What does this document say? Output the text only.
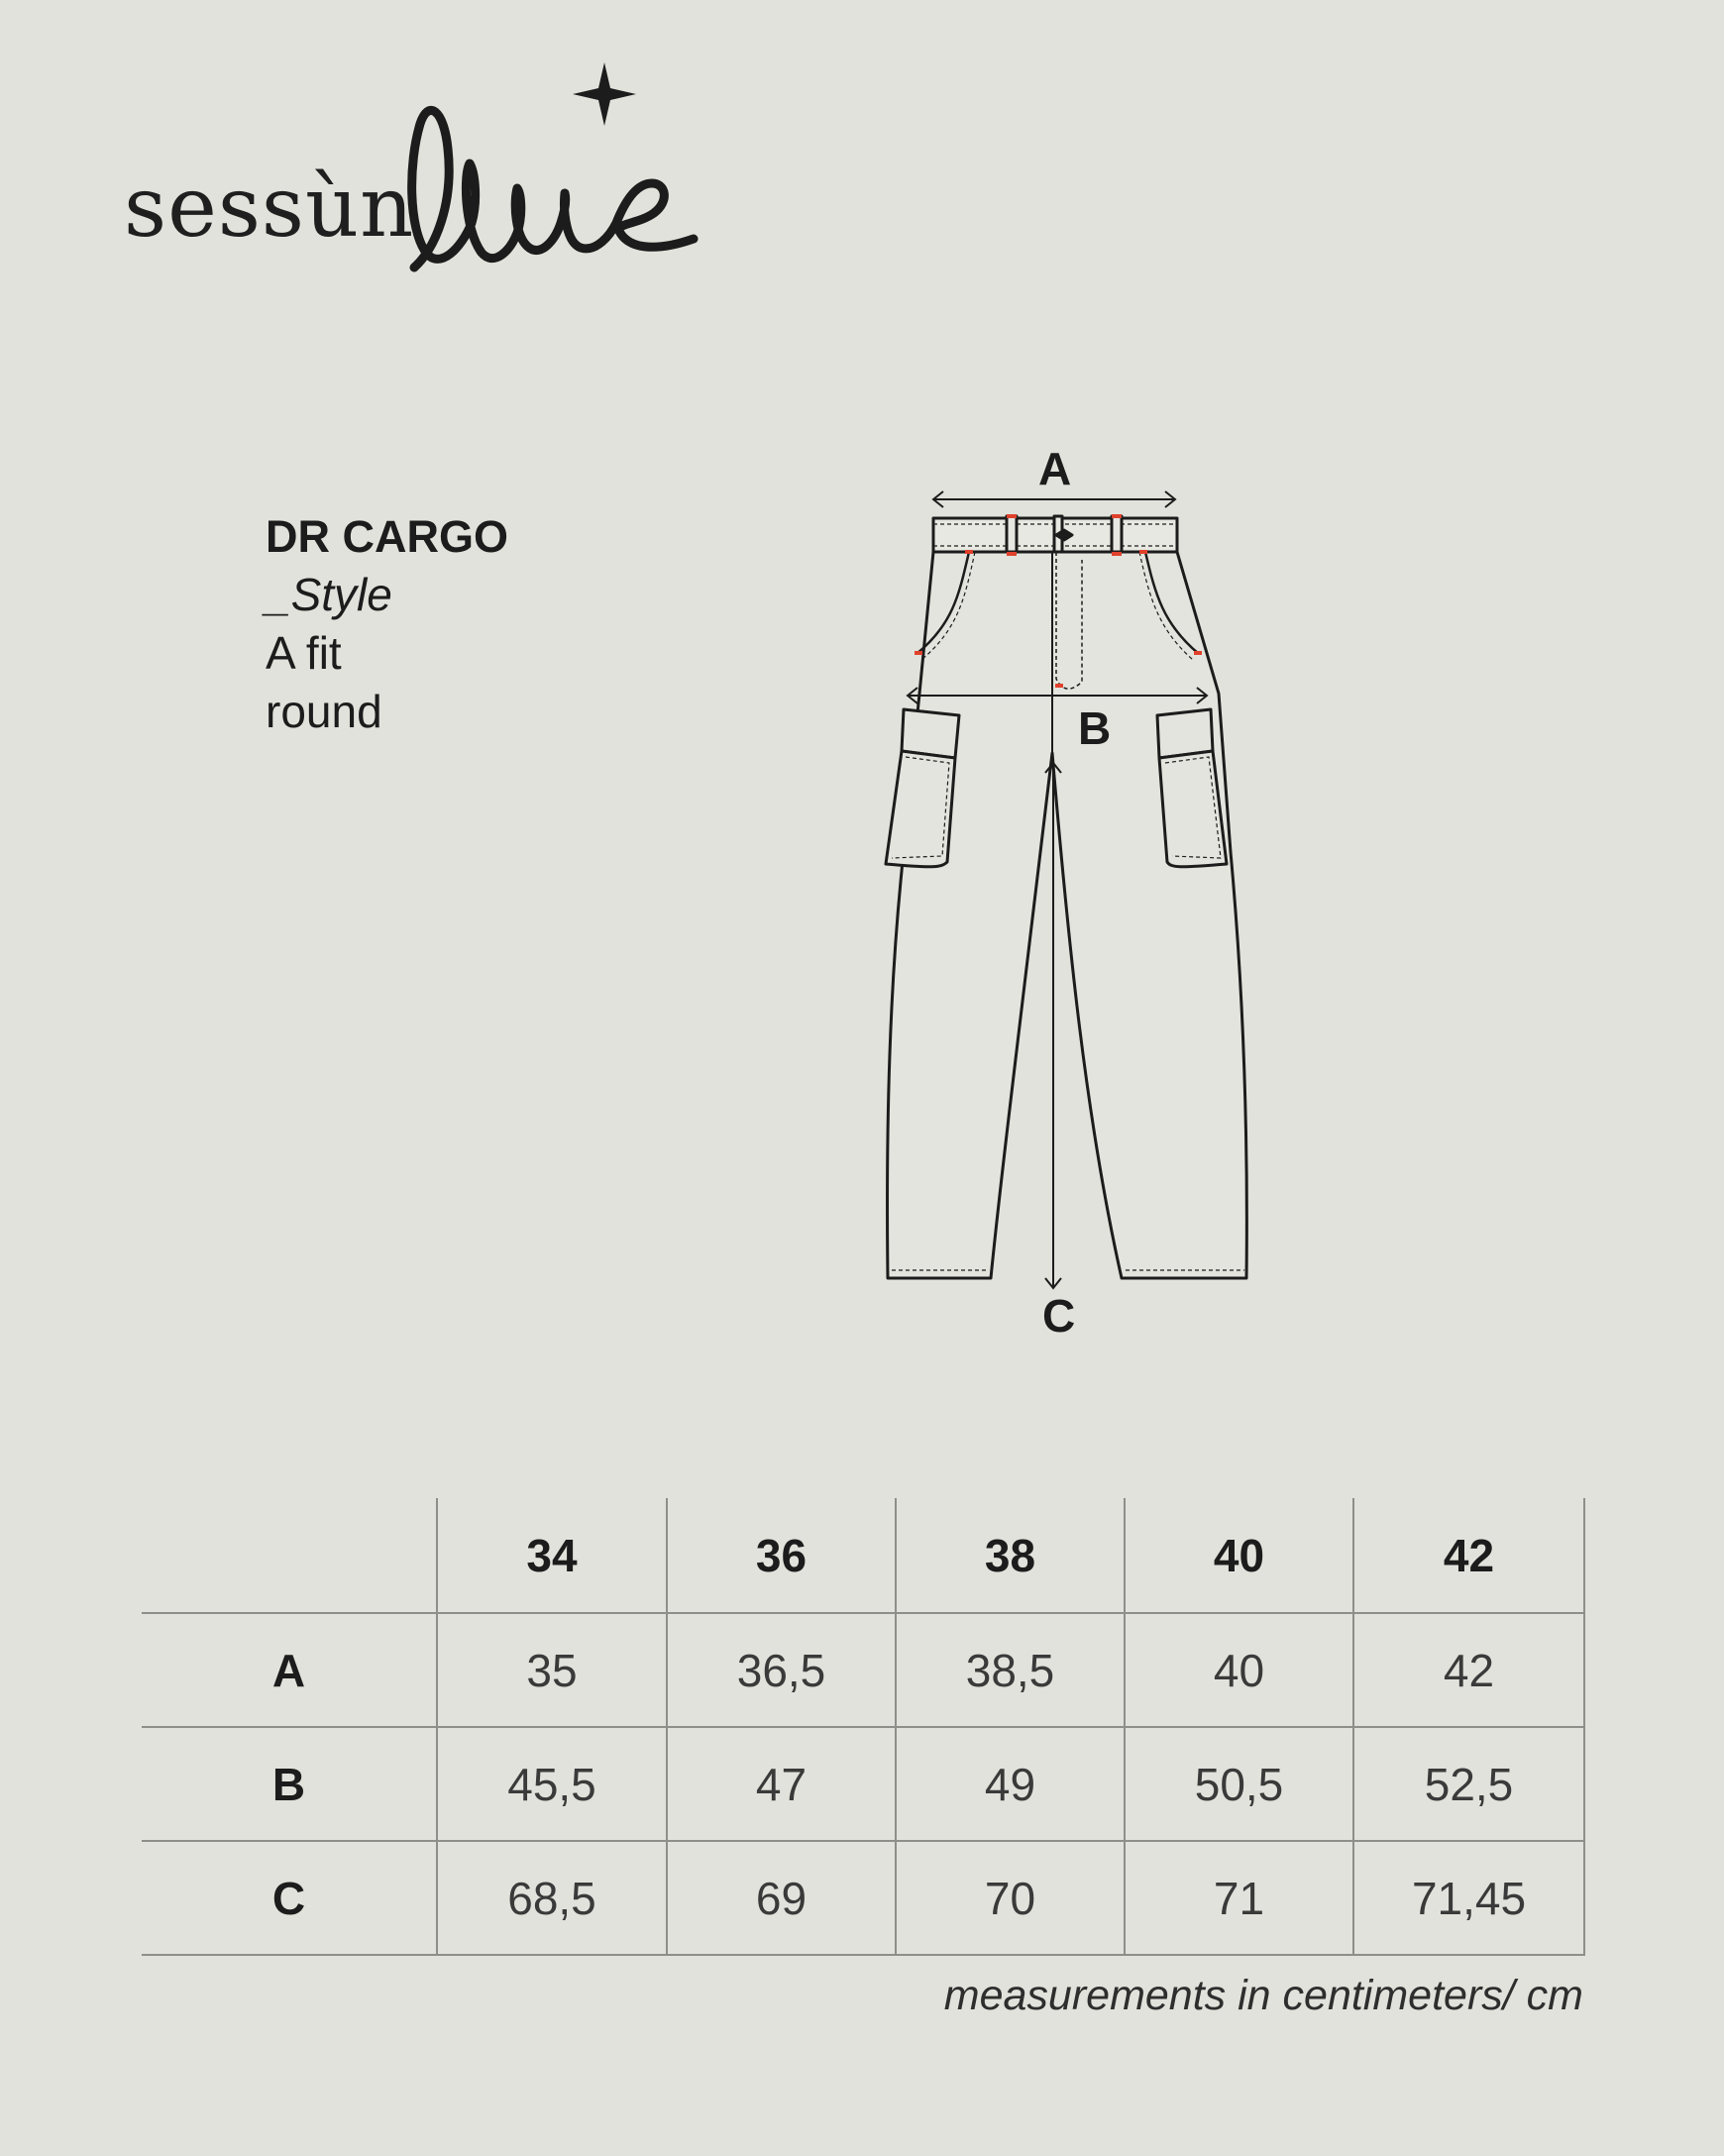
sessùn
DR CARGO
_Style
A fit
round
A
B
C
	34	36	38	40	42
A	35	36,5	38,5	40	42
B	45,5	47	49	50,5	52,5
C	68,5	69	70	71	71,45
measurements in centimeters/ cm
